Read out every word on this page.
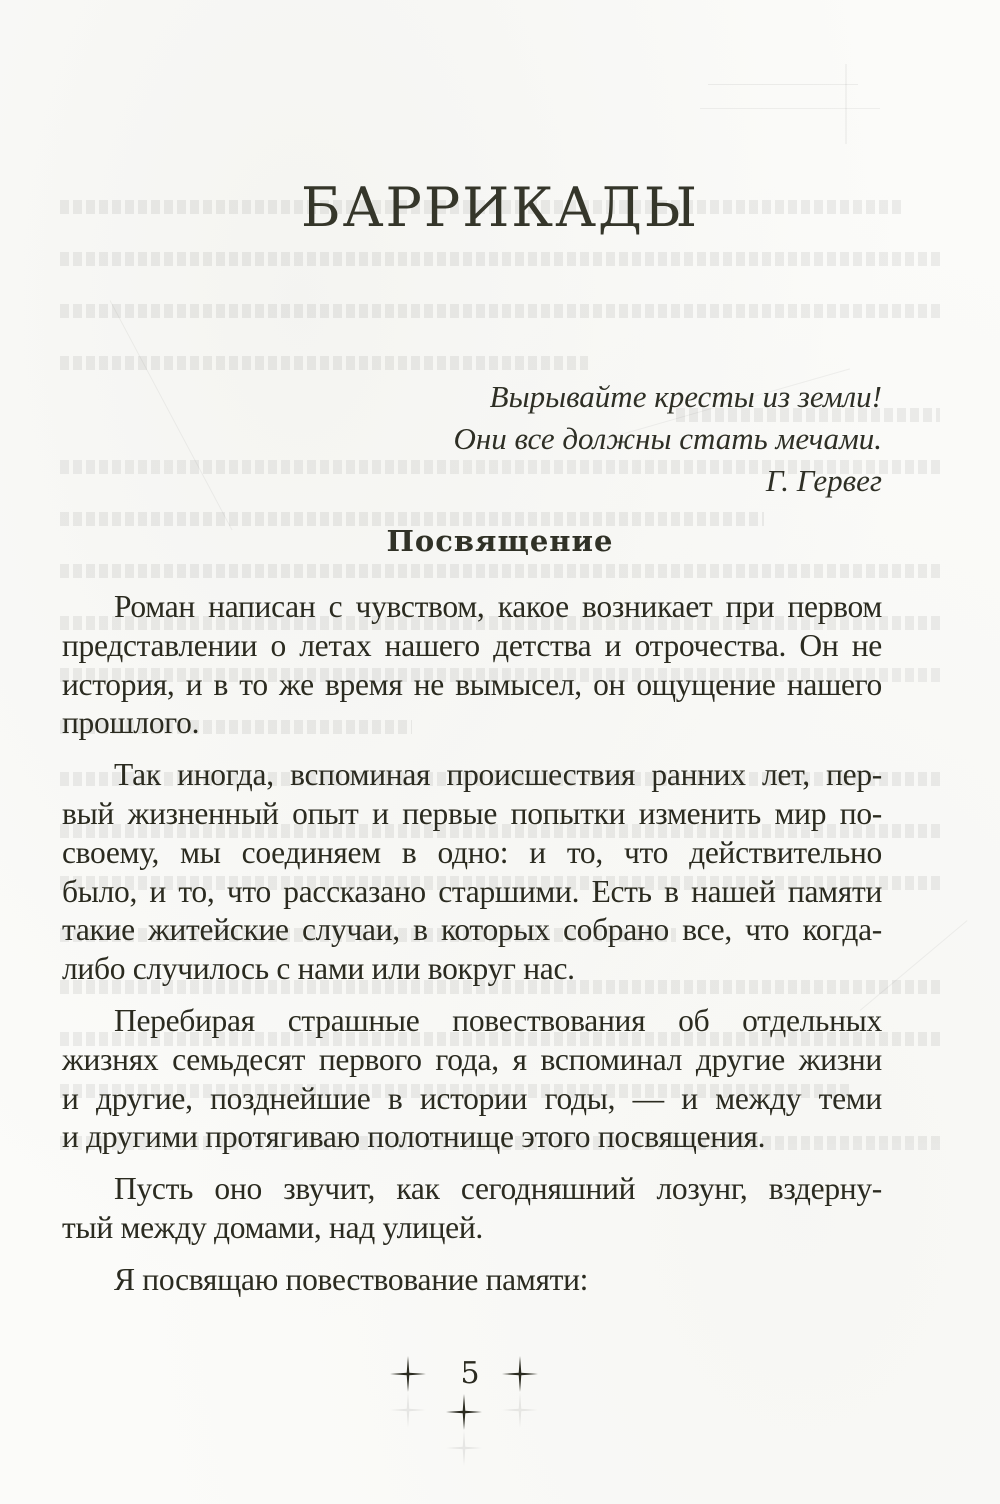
БАРРИКАДЫ
Вырывайте кресты из земли!
Они все должны стать мечами.
Г. Гервег
Посвящение

Роман написан с чувством, какое возникает при первом
представлении о летах нашего детства и отрочества. Он не
история, и в то же время не вымысел, он ощущение нашего
прошлого.

Так иногда, вспоминая происшествия ранних лет, пер-
вый жизненный опыт и первые попытки изменить мир по-
своему, мы соединяем в одно: и то, что действительно
было, и то, что рассказано старшими. Есть в нашей памяти
такие житейские случаи, в которых собрано все, что когда-
либо случилось с нами или вокруг нас.

Перебирая страшные повествования об отдельных
жизнях семьдесят первого года, я вспоминал другие жизни
и другие, позднейшие в истории годы, — и между теми
и другими протягиваю полотнище этого посвящения.

Пусть оно звучит, как сегодняшний лозунг, вздерну-
тый между домами, над улицей.

Я посвящаю повествование памяти:

5
